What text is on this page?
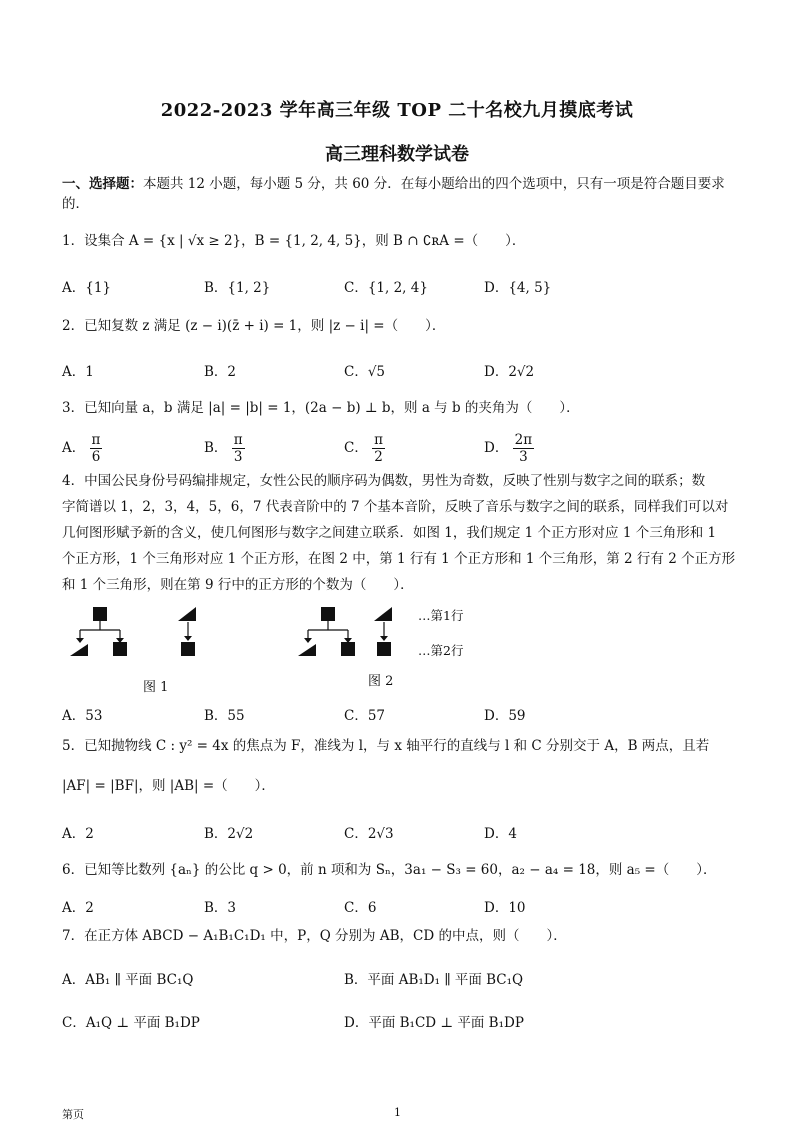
2022-2023 学年高三年级 TOP 二十名校九月摸底考试
高三理科数学试卷
一、选择题：本题共 12 小题，每小题 5 分，共 60 分．在每小题给出的四个选项中，只有一项是符合题目要求的．
1．设集合 A = {x | √x ≥ 2}，B = {1, 2, 4, 5}，则 B ∩ ∁ʀA =（　　）．
A．{1}	B．{1, 2}	C．{1, 2, 4}	D．{4, 5}
2．已知复数 z 满足 (z − i)(z̄ + i) = 1，则 |z − i| =（　　）．
A．1	B．2	C．√5	D．2√2
3．已知向量 a，b 满足 |a| = |b| = 1，(2a − b) ⊥ b，则 a 与 b 的夹角为（　　）．
A． $\frac{\pi}{6}$	B． $\frac{\pi}{3}$	C． $\frac{\pi}{2}$	D． $\frac{2\pi}{3}$
4．中国公民身份号码编排规定，女性公民的顺序码为偶数，男性为奇数，反映了性别与数字之间的联系；数
字简谱以 1，2，3，4，5，6，7 代表音阶中的 7 个基本音阶，反映了音乐与数字之间的联系，同样我们可以对
几何图形赋予新的含义，使几何图形与数字之间建立联系．如图 1，我们规定 1 个正方形对应 1 个三角形和 1
个正方形，1 个三角形对应 1 个正方形，在图 2 中，第 1 行有 1 个正方形和 1 个三角形，第 2 行有 2 个正方形
和 1 个三角形，则在第 9 行中的正方形的个数为（　　）．
图 1
…第1行
…第2行
图 2
A．53	B．55	C．57	D．59
5．已知抛物线 C : y² = 4x 的焦点为 F，准线为 l，与 x 轴平行的直线与 l 和 C 分别交于 A，B 两点，且若
|AF| = |BF|，则 |AB| =（　　）．
A．2	B．2√2	C．2√3	D．4
6．已知等比数列 {aₙ} 的公比 q > 0，前 n 项和为 Sₙ，3a₁ − S₃ = 60，a₂ − a₄ = 18，则 a₅ =（　　）．
A．2	B．3	C．6	D．10
7．在正方体 ABCD − A₁B₁C₁D₁ 中，P，Q 分别为 AB，CD 的中点，则（　　）．
A．AB₁ ∥ 平面 BC₁Q	B．平面 AB₁D₁ ∥ 平面 BC₁Q
C．A₁Q ⊥ 平面 B₁DP	D．平面 B₁CD ⊥ 平面 B₁DP
第页	1
